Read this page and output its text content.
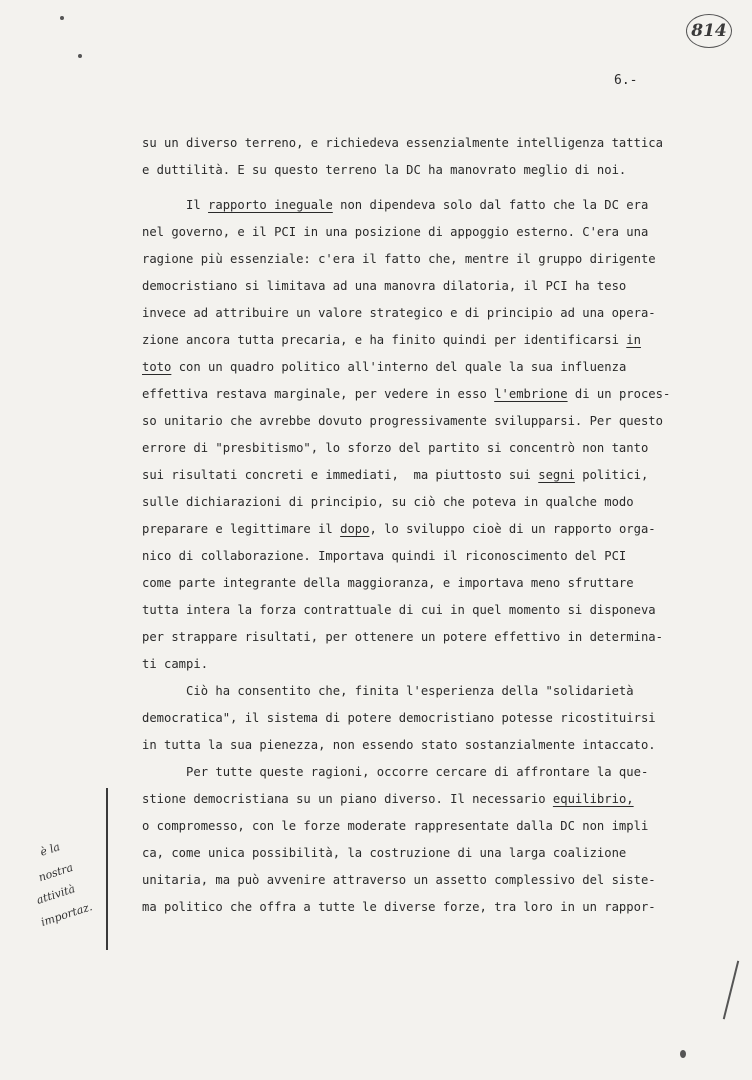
814
6.-
su un diverso terreno, e richiedeva essenzialmente intelligenza tattica
e duttilità. E su questo terreno la DC ha manovrato meglio di noi.
Il rapporto ineguale non dipendeva solo dal fatto che la DC era
nel governo, e il PCI in una posizione di appoggio esterno. C'era una
ragione più essenziale: c'era il fatto che, mentre il gruppo dirigente
democristiano si limitava ad una manovra dilatoria, il PCI ha teso
invece ad attribuire un valore strategico e di principio ad una opera-
zione ancora tutta precaria, e ha finito quindi per identificarsi in
toto con un quadro politico all'interno del quale la sua influenza
effettiva restava marginale, per vedere in esso l'embrione di un proces-
so unitario che avrebbe dovuto progressivamente svilupparsi. Per questo
errore di "presbitismo", lo sforzo del partito si concentrò non tanto
sui risultati concreti e immediati,  ma piuttosto sui segni politici,
sulle dichiarazioni di principio, su ciò che poteva in qualche modo
preparare e legittimare il dopo, lo sviluppo cioè di un rapporto orga-
nico di collaborazione. Importava quindi il riconoscimento del PCI
come parte integrante della maggioranza, e importava meno sfruttare
tutta intera la forza contrattuale di cui in quel momento si disponeva
per strappare risultati, per ottenere un potere effettivo in determina-
ti campi.
Ciò ha consentito che, finita l'esperienza della "solidarietà
democratica", il sistema di potere democristiano potesse ricostituirsi
in tutta la sua pienezza, non essendo stato sostanzialmente intaccato.
Per tutte queste ragioni, occorre cercare di affrontare la que-
stione democristiana su un piano diverso. Il necessario equilibrio,
o compromesso, con le forze moderate rappresentate dalla DC non impli
ca, come unica possibilità, la costruzione di una larga coalizione
unitaria, ma può avvenire attraverso un assetto complessivo del siste-
ma politico che offra a tutte le diverse forze, tra loro in un rappor-
è la
nostra
attività
importaz.
